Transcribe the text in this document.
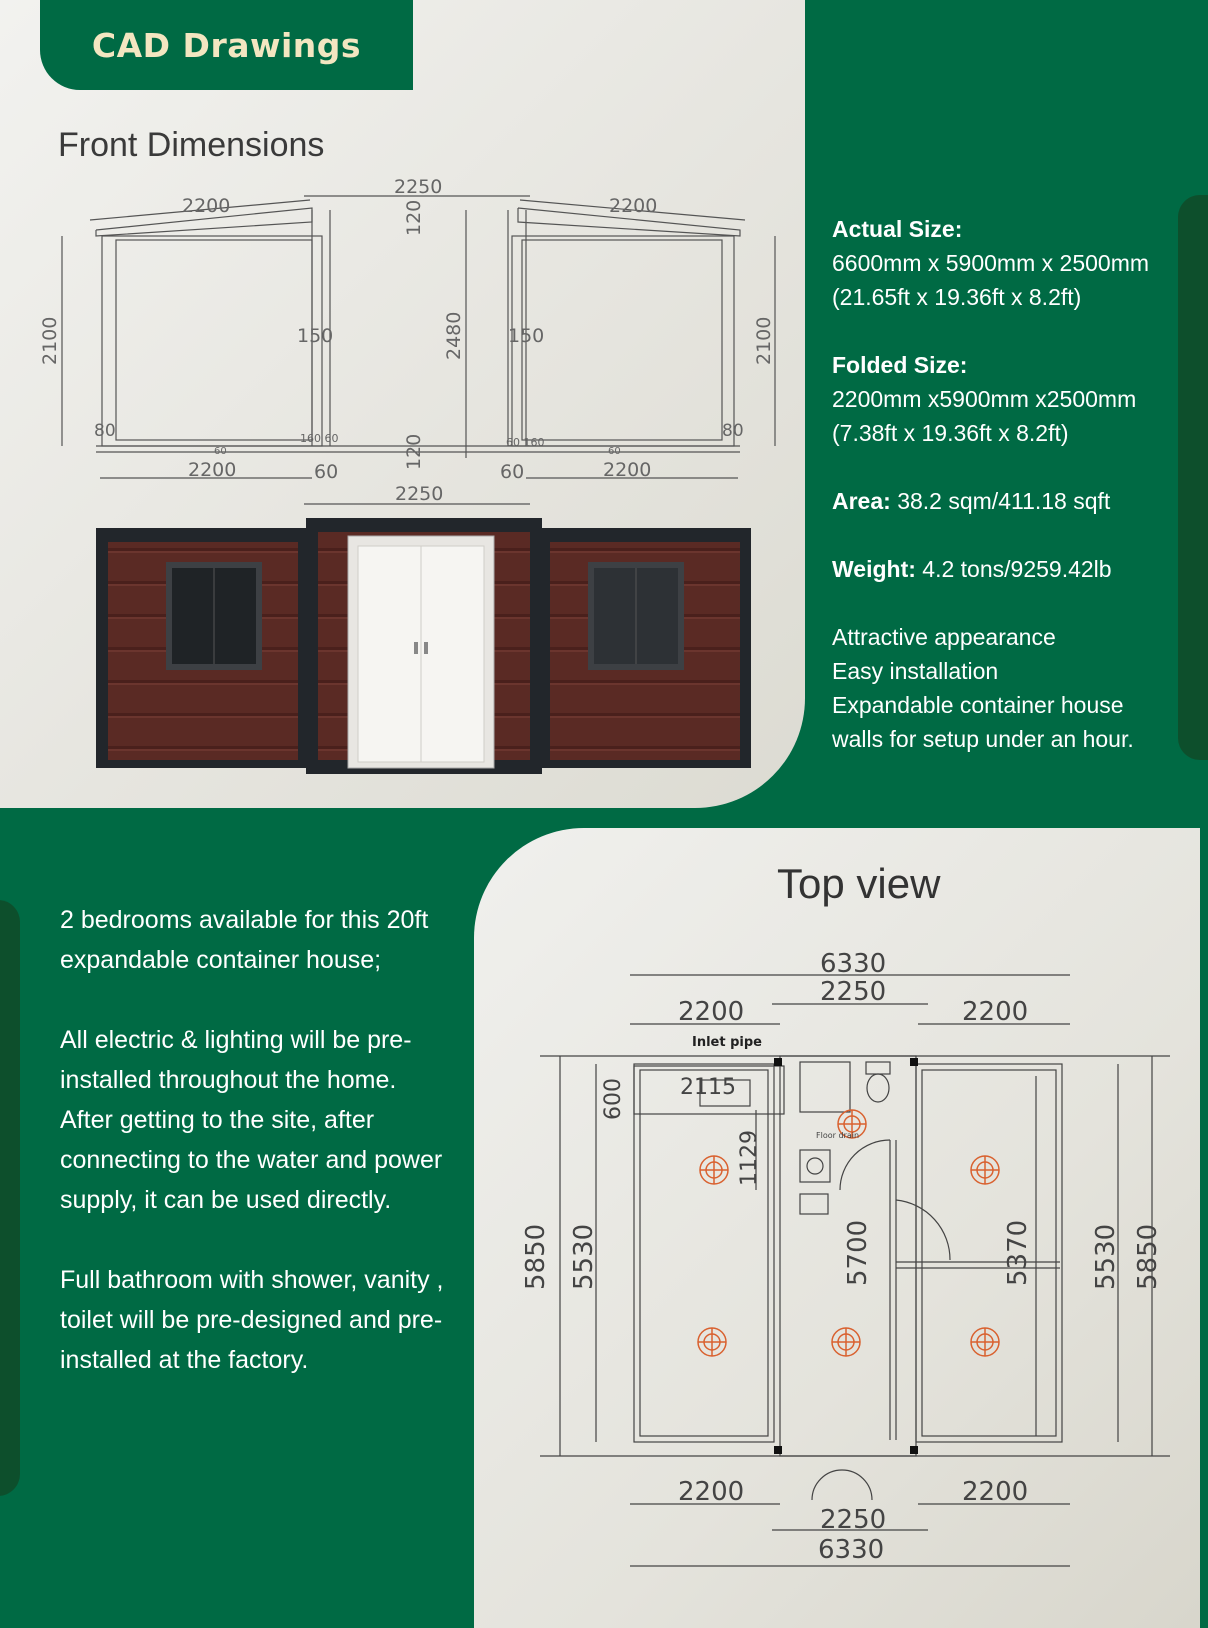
CAD Drawings
Front Dimensions
2200
2250
2200
120
2100	2100
2480
150	150
2200	2200
2250
60	60
120
80	80
160 60	60 160
60	60
Actual Size:
6600mm x 5900mm x 2500mm
(21.65ft x 19.36ft x 8.2ft)
Folded Size:
2200mm x5900mm x2500mm
(7.38ft x 19.36ft x 8.2ft)
Area: 38.2 sqm/411.18 sqft
Weight: 4.2 tons/9259.42lb
Attractive appearance
Easy installation
Expandable container house
walls for setup under an hour.

2 bedrooms available for this 20ft expandable container house;

All electric & lighting will be pre-installed throughout the home. After getting to the site, after connecting to the water and power supply, it can be used directly.

Full bathroom with shower, vanity , toilet will be pre-designed and pre-installed at the factory.

Top view
6330
2250
2200	2200
6330
2250
2200	2200
5850 5530	5530 5850
5700	5370
600 2115
1129
Inlet pipe
Floor drain
